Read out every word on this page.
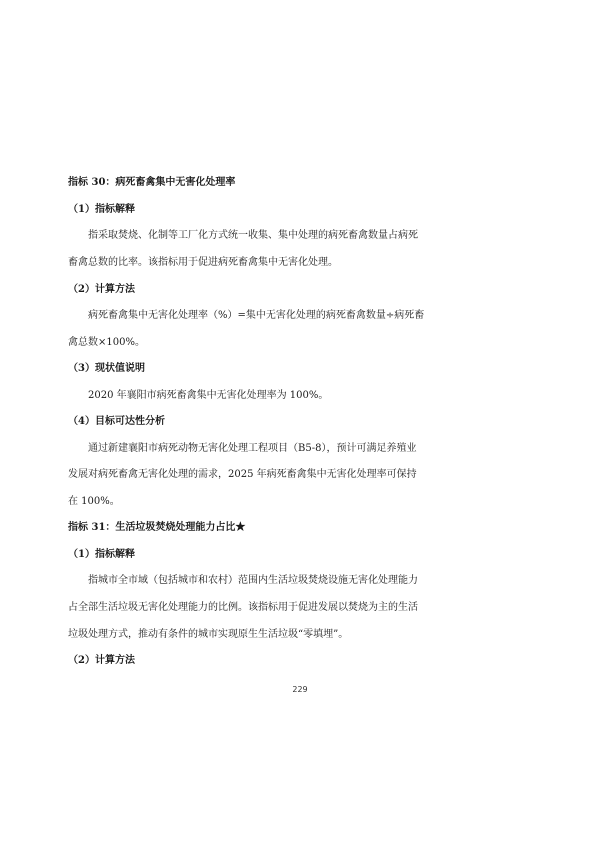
指标 30：病死畜禽集中无害化处理率

（1）指标解释

指采取焚烧、化制等工厂化方式统一收集、集中处理的病死畜禽数量占病死

畜禽总数的比率。该指标用于促进病死畜禽集中无害化处理。

（2）计算方法

病死畜禽集中无害化处理率（%）=集中无害化处理的病死畜禽数量÷病死畜

禽总数×100%。

（3）现状值说明

2020 年襄阳市病死畜禽集中无害化处理率为 100%。

（4）目标可达性分析

通过新建襄阳市病死动物无害化处理工程项目（B5-8），预计可满足养殖业

发展对病死畜禽无害化处理的需求，2025 年病死畜禽集中无害化处理率可保持

在 100%。

指标 31：生活垃圾焚烧处理能力占比★

（1）指标解释

指城市全市域（包括城市和农村）范围内生活垃圾焚烧设施无害化处理能力

占全部生活垃圾无害化处理能力的比例。该指标用于促进发展以焚烧为主的生活

垃圾处理方式，推动有条件的城市实现原生生活垃圾“零填埋”。

（2）计算方法

229
